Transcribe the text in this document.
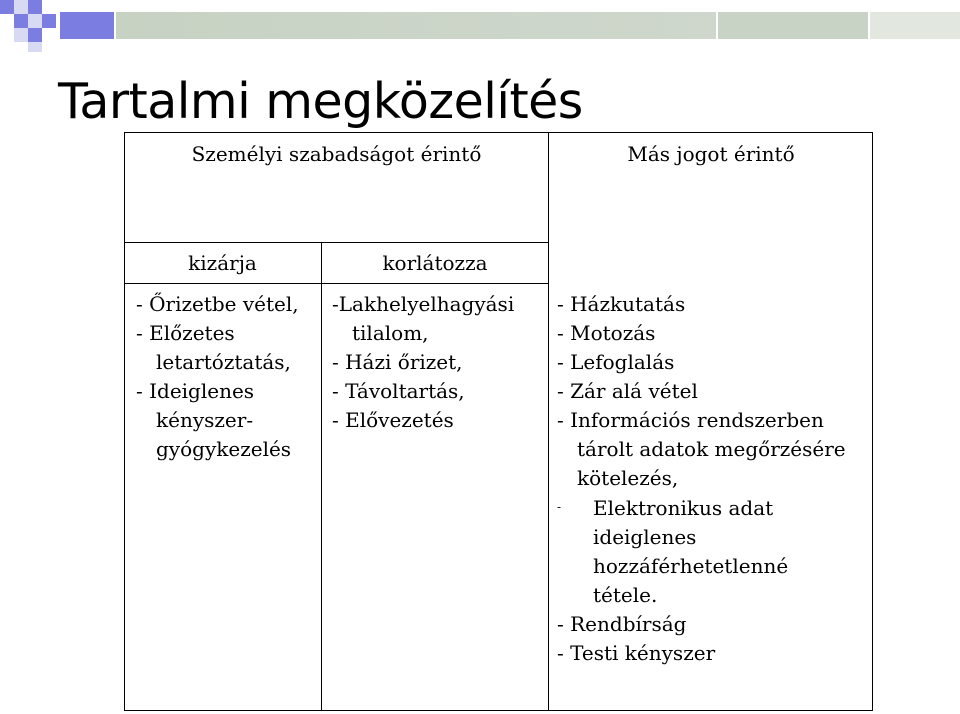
Tartalmi megközelítés
Személyi szabadságot érintő	Más jogot érintő
kizárja	korlátozza
- Őrizetbe vétel,
- Előzetes
letartóztatás,
- Ideiglenes
kényszer-
gyógykezelés
-Lakhelyelhagyási
tilalom,
- Házi őrizet,
- Távoltartás,
- Elővezetés
- Házkutatás
- Motozás
- Lefoglalás
- Zár alá vétel
- Információs rendszerben
tárolt adatok megőrzésére
kötelezés,
- Elektronikus adat
ideiglenes
hozzáférhetetlenné
tétele.
- Rendbírság
- Testi kényszer
